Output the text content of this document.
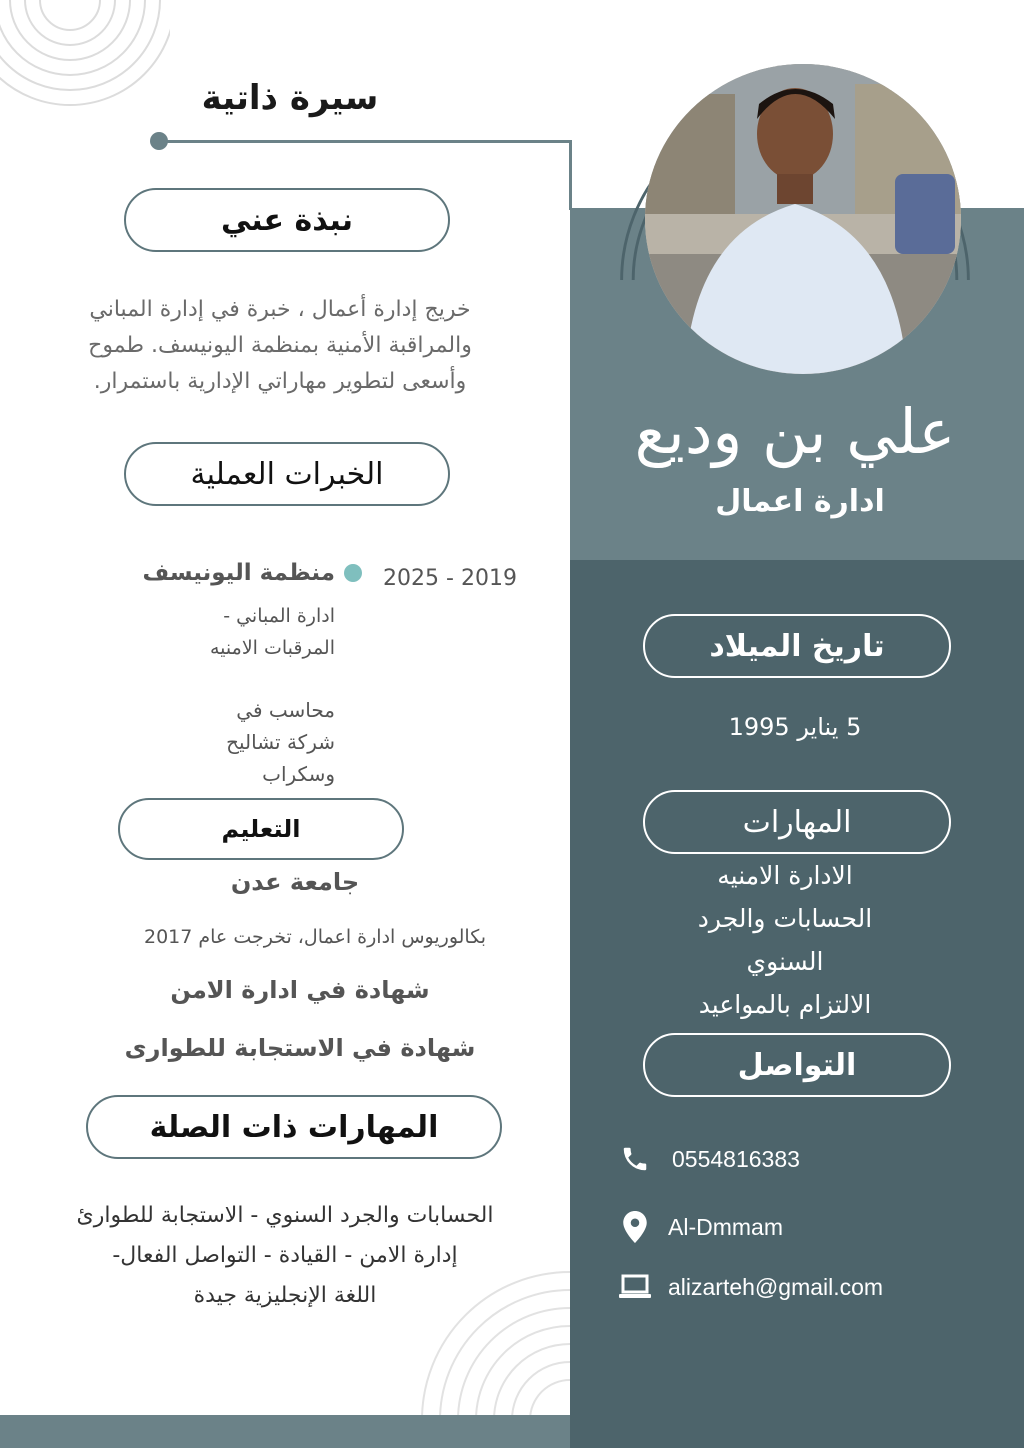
سيرة ذاتية
علي بن وديع
ادارة اعمال
نبذة عني
خريج إدارة أعمال ، خبرة في إدارة المباني
والمراقبة الأمنية بمنظمة اليونيسف. طموح
وأسعى لتطوير مهاراتي الإدارية باستمرار.
الخبرات العملية
2025 - 2019
منظمة اليونيسف
ادارة المباني -
المرقبات الامنيه
محاسب في
شركة تشاليح
وسكراب
التعليم
جامعة عدن
بكالوريوس ادارة اعمال، تخرجت عام 2017
شهادة في ادارة الامن
شهادة في الاستجابة للطوارى
المهارات ذات الصلة
الحسابات والجرد السنوي - الاستجابة للطوارئ
إدارة الامن - القيادة - التواصل الفعال-
اللغة الإنجليزية جيدة
تاريخ الميلاد
5 يناير 1995
المهارات
الادارة الامنيه
الحسابات والجرد
السنوي
الالتزام بالمواعيد
التواصل
0554816383
Al-Dmmam
alizarteh@gmail.com
